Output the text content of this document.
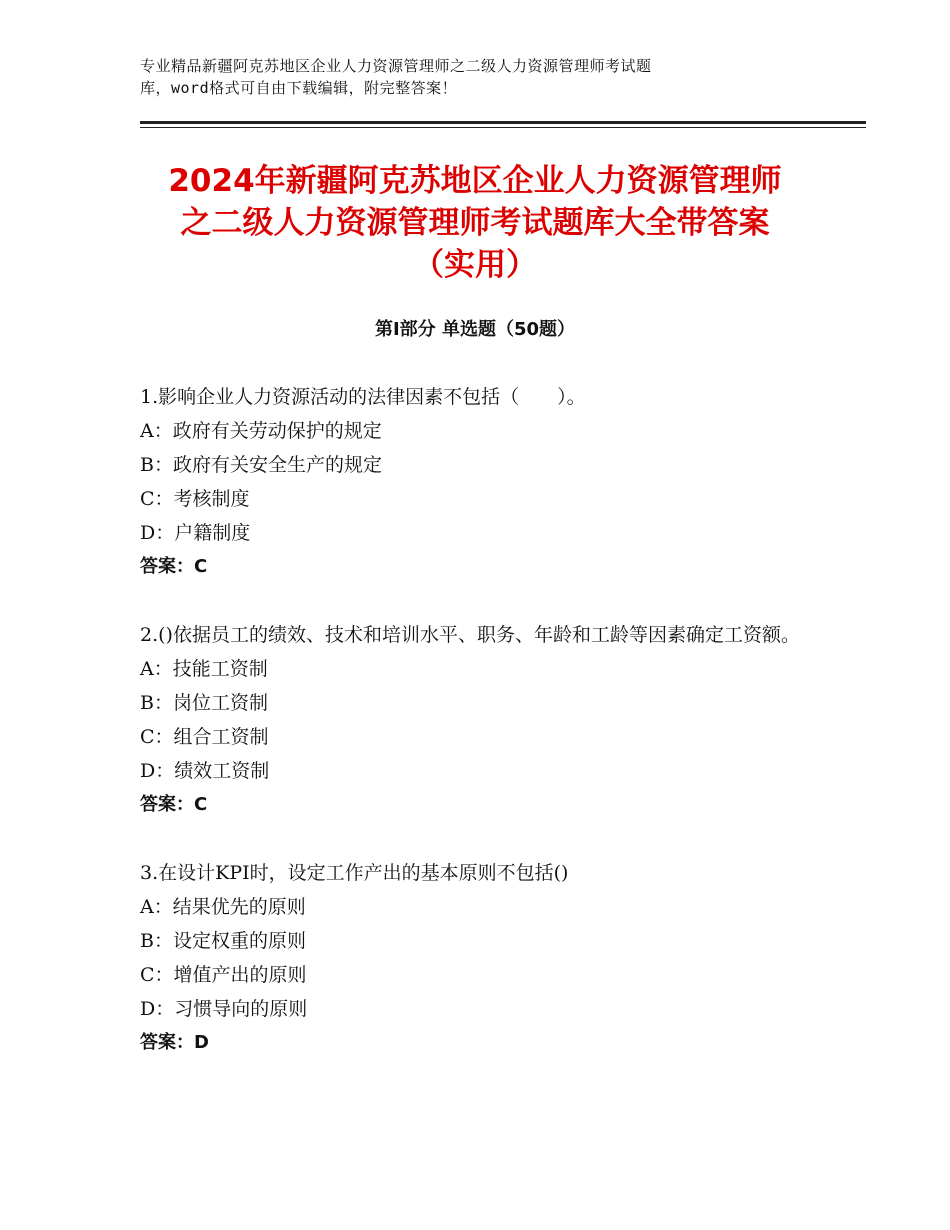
专业精品新疆阿克苏地区企业人力资源管理师之二级人力资源管理师考试题
库，word格式可自由下载编辑，附完整答案！
2024年新疆阿克苏地区企业人力资源管理师
之二级人力资源管理师考试题库大全带答案
（实用）
第Ⅰ部分 单选题（50题）
1.影响企业人力资源活动的法律因素不包括（　　）。
A：政府有关劳动保护的规定
B：政府有关安全生产的规定
C：考核制度
D：户籍制度
答案：C
2.()依据员工的绩效、技术和培训水平、职务、年龄和工龄等因素确定工资额。
A：技能工资制
B：岗位工资制
C：组合工资制
D：绩效工资制
答案：C
3.在设计KPI时，设定工作产出的基本原则不包括()
A：结果优先的原则
B：设定权重的原则
C：增值产出的原则
D：习惯导向的原则
答案：D
